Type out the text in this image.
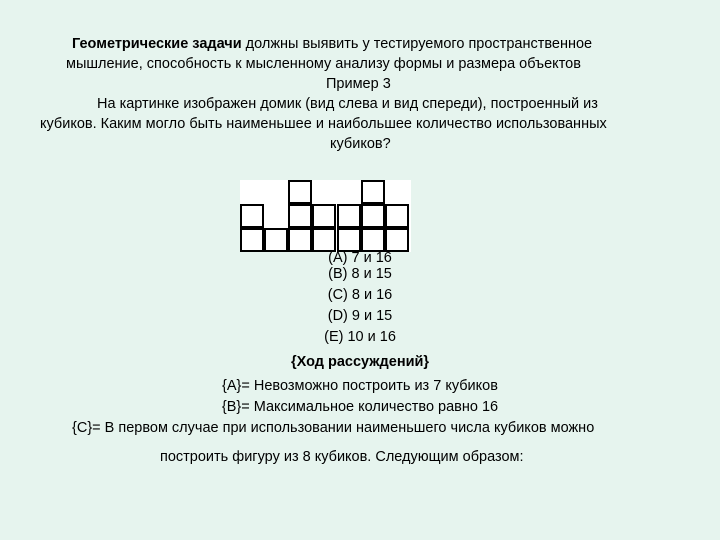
Геометрические задачи должны выявить у тестируемого пространственное
мышление, способность к мысленному анализу формы и размера объектов
Пример 3
На картинке изображен домик (вид слева и вид спереди), построенный из
кубиков. Каким могло быть наименьшее и наибольшее количество использованных
кубиков?
(A) 7 и 16
(B) 8 и 15
(C) 8 и 16
(D) 9 и 15
(E) 10 и 16
{Ход рассуждений}
{A}= Невозможно построить из 7 кубиков
{B}= Максимальное количество равно 16
{C}= В первом случае при использовании наименьшего числа кубиков можно
построить фигуру из 8 кубиков. Следующим образом:
